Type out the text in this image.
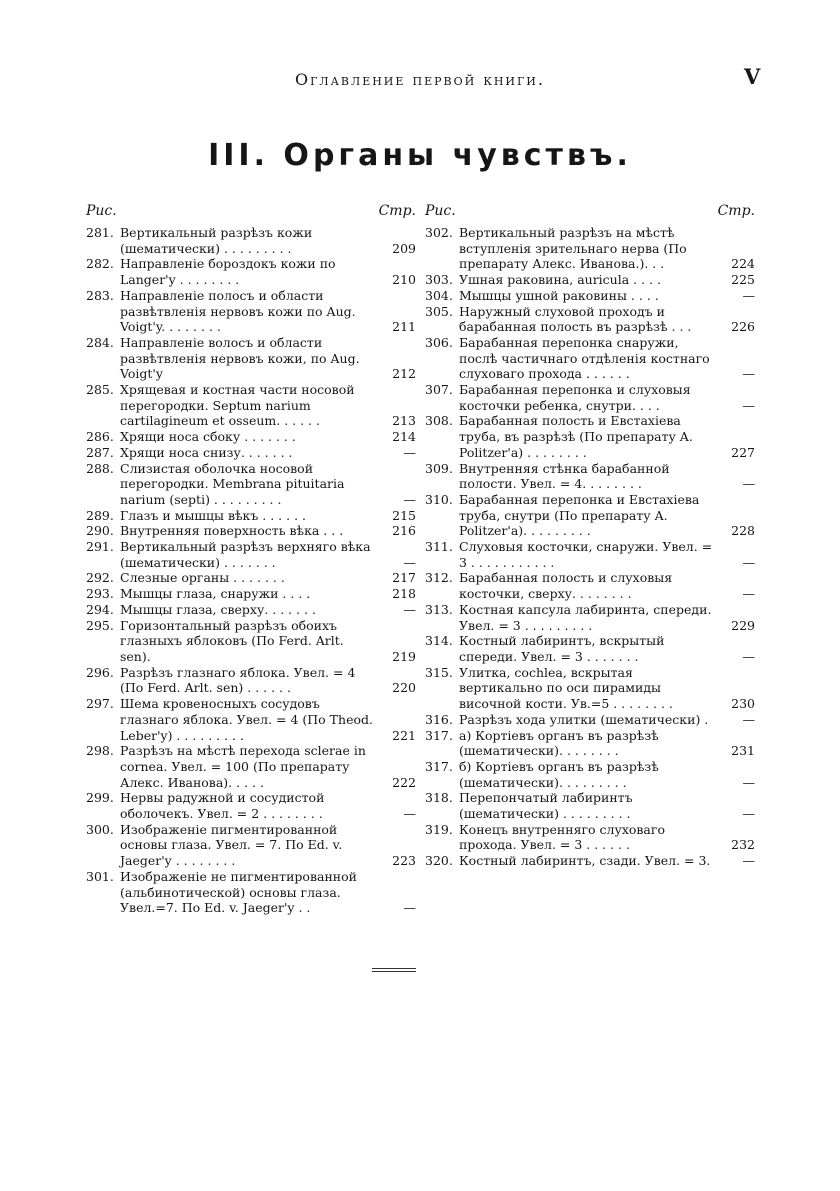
Оглавление первой книги.	V
III. Органы чувствъ.
Рис.	Стр.
281. Вертикальный разрѣзъ кожи (шематически) . . . . . . . . .	209
282. Направленіе бороздокъ кожи по Langer'y . . . . . . . .	210
283. Направленіе полосъ и области развѣтвленія нервовъ кожи по Aug. Voigt'y. . . . . . . .	211
284. Направленіе волосъ и области развѣтвленія нервовъ кожи, по Aug. Voigt'y	212
285. Хрящевая и костная части носовой перегородки. Septum narium cartilagineum et osseum. . . . . .	213
286. Хрящи носа сбоку . . . . . . .	214
287. Хрящи носа снизу. . . . . . .	—
288. Слизистая оболочка носовой перегородки. Membrana pituitaria narium (septi) . . . . . . . . .	—
289. Глазъ и мышцы вѣкъ . . . . . .	215
290. Внутренняя поверхность вѣка . . .	216
291. Вертикальный разрѣзъ верхняго вѣка (шематически) . . . . . . .	—
292. Слезные органы . . . . . . .	217
293. Мышцы глаза, снаружи . . . .	218
294. Мышцы глаза, сверху. . . . . . .	—
295. Горизонтальный разрѣзъ обоихъ глазныхъ яблоковъ (По Ferd. Arlt. sen).	219
296. Разрѣзъ глазнаго яблока. Увел. = 4 (По Ferd. Arlt. sen) . . . . . .	220
297. Шема кровеносныхъ сосудовъ глазнаго яблока. Увел. = 4 (По Theod. Leber'y) . . . . . . . . .	221
298. Разрѣзъ на мѣстѣ перехода sclerae in cornea. Увел. = 100 (По препарату Алекс. Иванова). . . . .	222
299. Нервы радужной и сосудистой оболочекъ. Увел. = 2 . . . . . . . .	—
300. Изображеніе пигментированной основы глаза. Увел. = 7. По Ed. v. Jaeger'y . . . . . . . .	223
301. Изображеніе не пигментированной (альбинотической) основы глаза. Увел.=7. По Ed. v. Jaeger'y . .	—
Рис.	Стр.
302. Вертикальный разрѣзъ на мѣстѣ вступленія зрительнаго нерва (По препарату Алекс. Иванова.). . .	224
303. Ушная раковина, auricula . . . .	225
304. Мышцы ушной раковины . . . .	—
305. Наружный слуховой проходъ и барабанная полость въ разрѣзѣ . . .	226
306. Барабанная перепонка снаружи, послѣ частичнаго отдѣленія костнаго слуховаго прохода . . . . . .	—
307. Барабанная перепонка и слуховыя косточки ребенка, снутри. . . .	—
308. Барабанная полость и Евстахіева труба, въ разрѣзѣ (По препарату A. Politzer'a) . . . . . . . .	227
309. Внутренняя стѣнка барабанной полости. Увел. = 4. . . . . . . .	—
310. Барабанная перепонка и Евстахіева труба, снутри (По препарату A. Politzer'a). . . . . . . . .	228
311. Слуховыя косточки, снаружи. Увел. = 3 . . . . . . . . . . .	—
312. Барабанная полость и слуховыя косточки, сверху. . . . . . . .	—
313. Костная капсула лабиринта, спереди. Увел. = 3 . . . . . . . . .	229
314. Костный лабиринтъ, вскрытый спереди. Увел. = 3 . . . . . . .	—
315. Улитка, cochlea, вскрытая вертикально по оси пирамиды височной кости. Ув.=5 . . . . . . . .	230
316. Разрѣзъ хода улитки (шематически) .	—
317. а) Кортіевъ органъ въ разрѣзѣ (шематически). . . . . . . .	231
317. б) Кортіевъ органъ въ разрѣзѣ (шематически). . . . . . . . .	—
318. Перепончатый лабиринтъ (шематически) . . . . . . . . .	—
319. Конецъ внутренняго слуховаго прохода. Увел. = 3 . . . . . .	232
320. Костный лабиринтъ, сзади. Увел. = 3.	—
